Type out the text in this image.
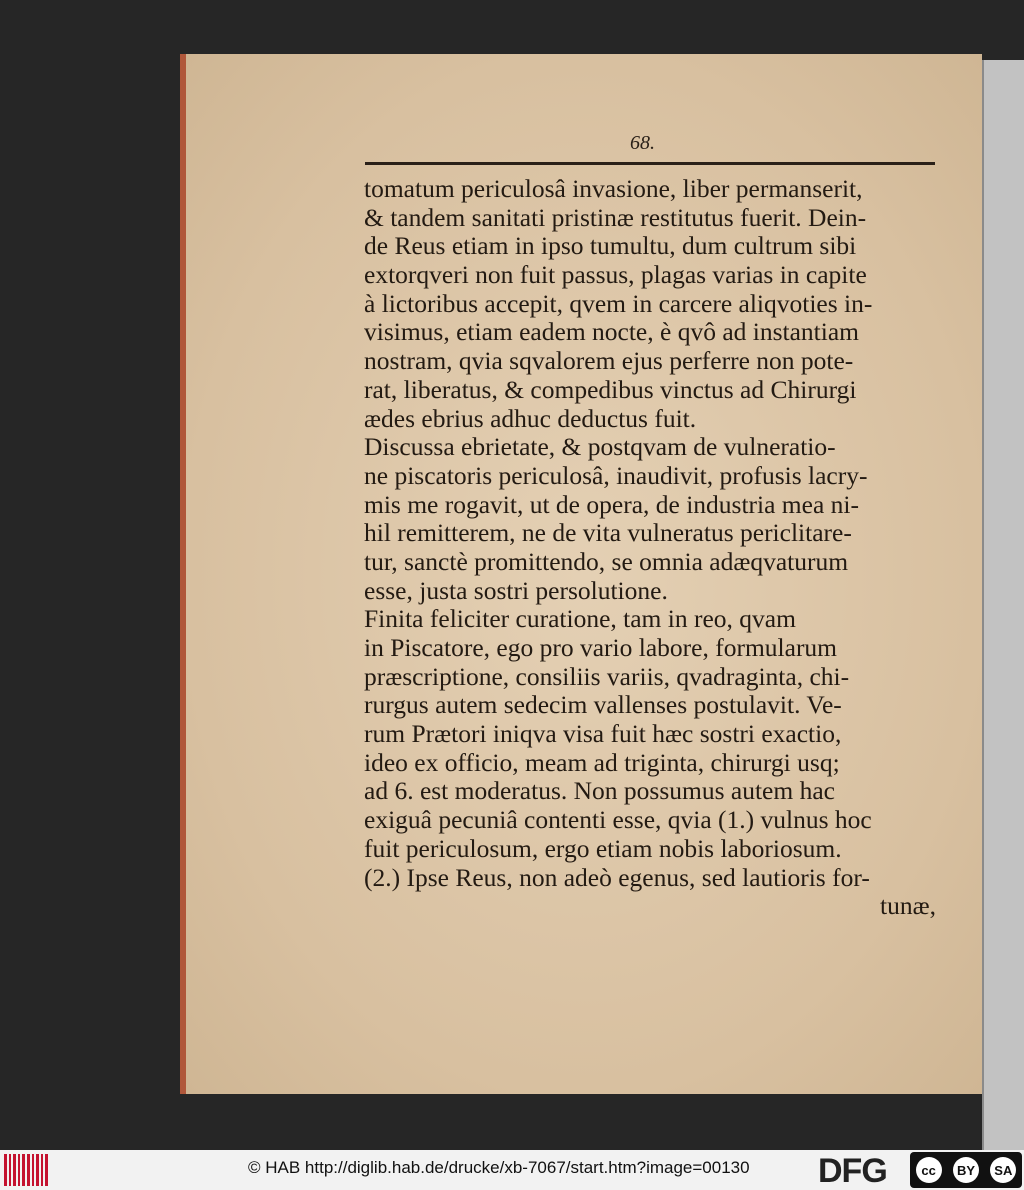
68.
tomatum periculosâ invasione, liber permanserit,
& tandem sanitati pristinæ restitutus fuerit. Dein-
de Reus etiam in ipso tumultu, dum cultrum sibi
extorqveri non fuit passus, plagas varias in capite
à lictoribus accepit, qvem in carcere aliqvoties in-
visimus, etiam eadem nocte, è qvô ad instantiam
nostram, qvia sqvalorem ejus perferre non pote-
rat, liberatus, & compedibus vinctus ad Chirurgi
ædes ebrius adhuc deductus fuit.
Discussa ebrietate, & postqvam de vulneratio-
ne piscatoris periculosâ, inaudivit, profusis lacry-
mis me rogavit, ut de opera, de industria mea ni-
hil remitterem, ne de vita vulneratus periclitare-
tur, sanctè promittendo, se omnia adæqvaturum
esse, justa sostri persolutione.
Finita feliciter curatione, tam in reo, qvam
in Piscatore, ego pro vario labore, formularum
præscriptione, consiliis variis, qvadraginta, chi-
rurgus autem sedecim vallenses postulavit. Ve-
rum Prætori iniqva visa fuit hæc sostri exactio,
ideo ex officio, meam ad triginta, chirurgi usq;
ad 6. est moderatus. Non possumus autem hac
exiguâ pecuniâ contenti esse, qvia (1.) vulnus hoc
fuit periculosum, ergo etiam nobis laboriosum.
(2.) Ipse Reus, non adeò egenus, sed lautioris for-
tunæ,
© HAB http://diglib.hab.de/drucke/xb-7067/start.htm?image=00130 DFG	cc	BY	SA
